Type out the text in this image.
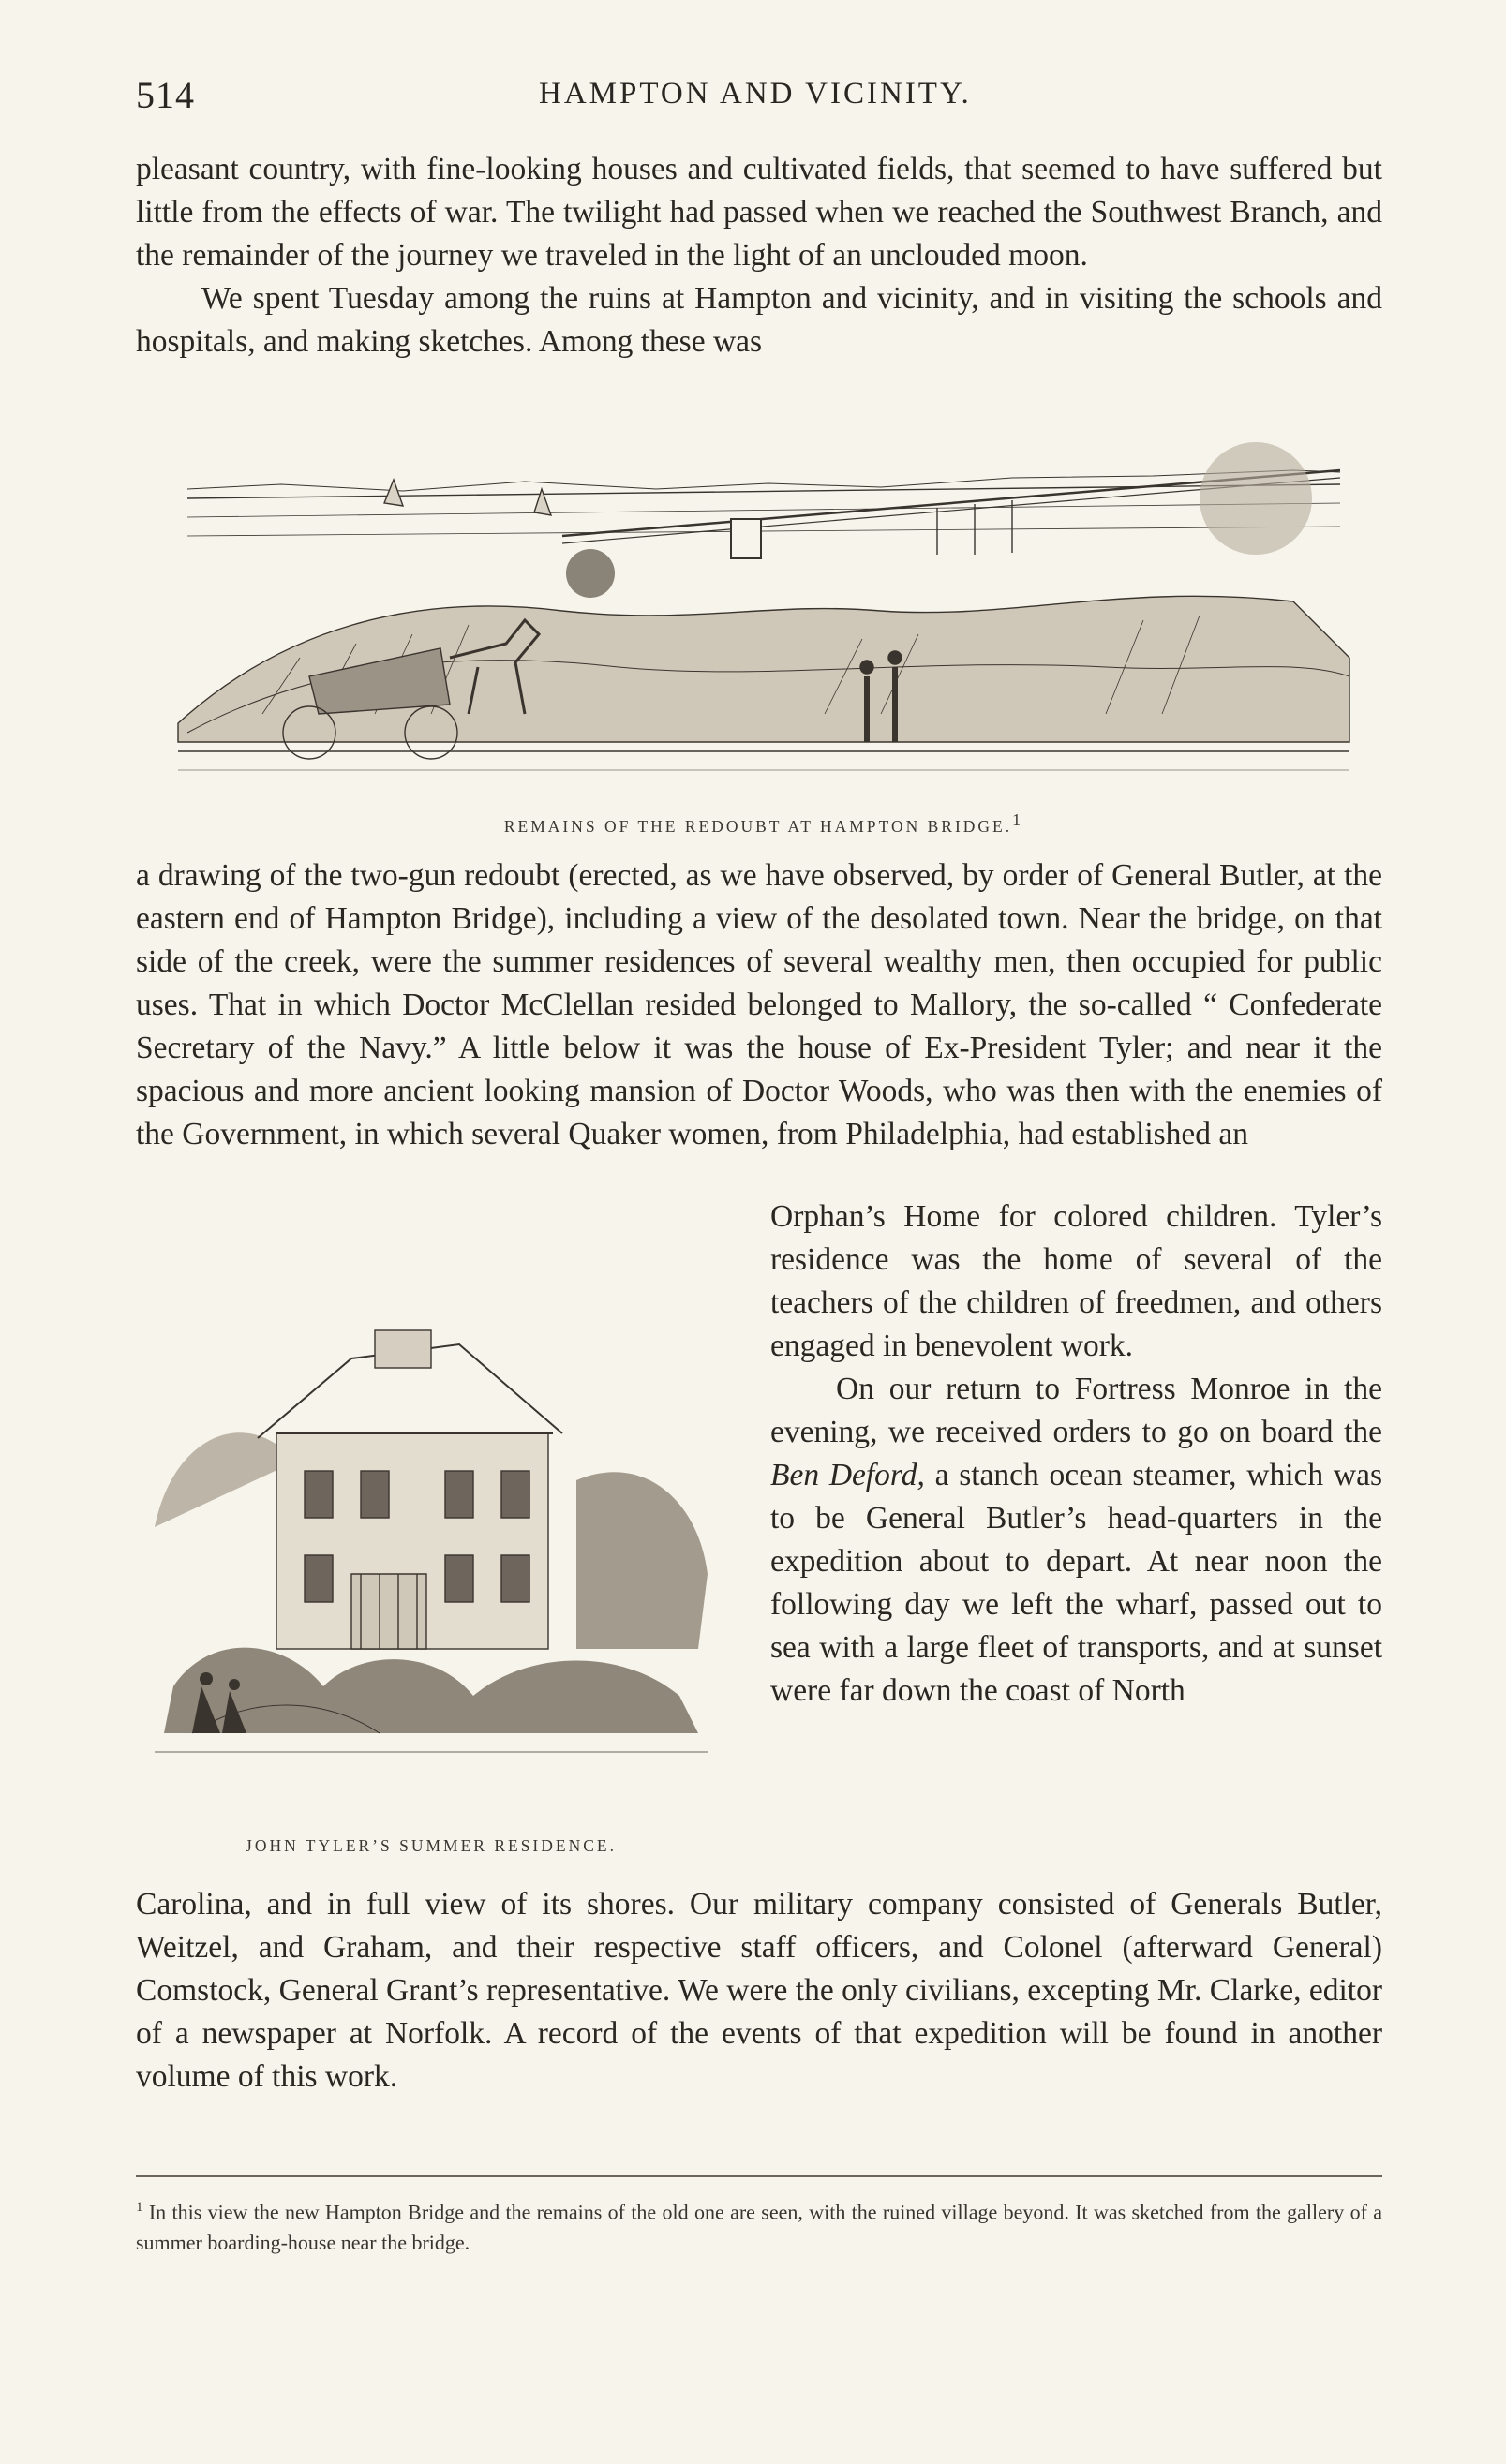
514	HAMPTON AND VICINITY.

pleasant country, with fine-looking houses and cultivated fields, that seemed to have suffered but little from the effects of war. The twilight had passed when we reached the Southwest Branch, and the remainder of the journey we traveled in the light of an unclouded moon.

We spent Tuesday among the ruins at Hampton and vicinity, and in visiting the schools and hospitals, and making sketches. Among these was

REMAINS OF THE REDOUBT AT HAMPTON BRIDGE.1

a drawing of the two-gun redoubt (erected, as we have observed, by order of General Butler, at the eastern end of Hampton Bridge), including a view of the desolated town. Near the bridge, on that side of the creek, were the summer residences of several wealthy men, then occupied for public uses. That in which Doctor McClellan resided belonged to Mallory, the so-called “ Confederate Secretary of the Navy.” A little below it was the house of Ex-President Tyler; and near it the spacious and more ancient looking mansion of Doctor Woods, who was then with the enemies of the Government, in which several Quaker women, from Philadelphia, had established an

Orphan’s Home for colored children. Tyler’s residence was the home of several of the teachers of the children of freedmen, and others engaged in benevolent work.

On our return to Fortress Monroe in the evening, we received orders to go on board the Ben Deford, a stanch ocean steamer, which was to be General Butler’s head-quarters in the expedition about to depart. At near noon the following day we left the wharf, passed out to sea with a large fleet of transports, and at sunset were far down the coast of North

JOHN TYLER’S SUMMER RESIDENCE.

Carolina, and in full view of its shores. Our military company consisted of Generals Butler, Weitzel, and Graham, and their respective staff officers, and Colonel (afterward General) Comstock, General Grant’s representative. We were the only civilians, excepting Mr. Clarke, editor of a newspaper at Norfolk. A record of the events of that expedition will be found in another volume of this work.

$^1$ In this view the new Hampton Bridge and the remains of the old one are seen, with the ruined village beyond. It was sketched from the gallery of a summer boarding-house near the bridge.
